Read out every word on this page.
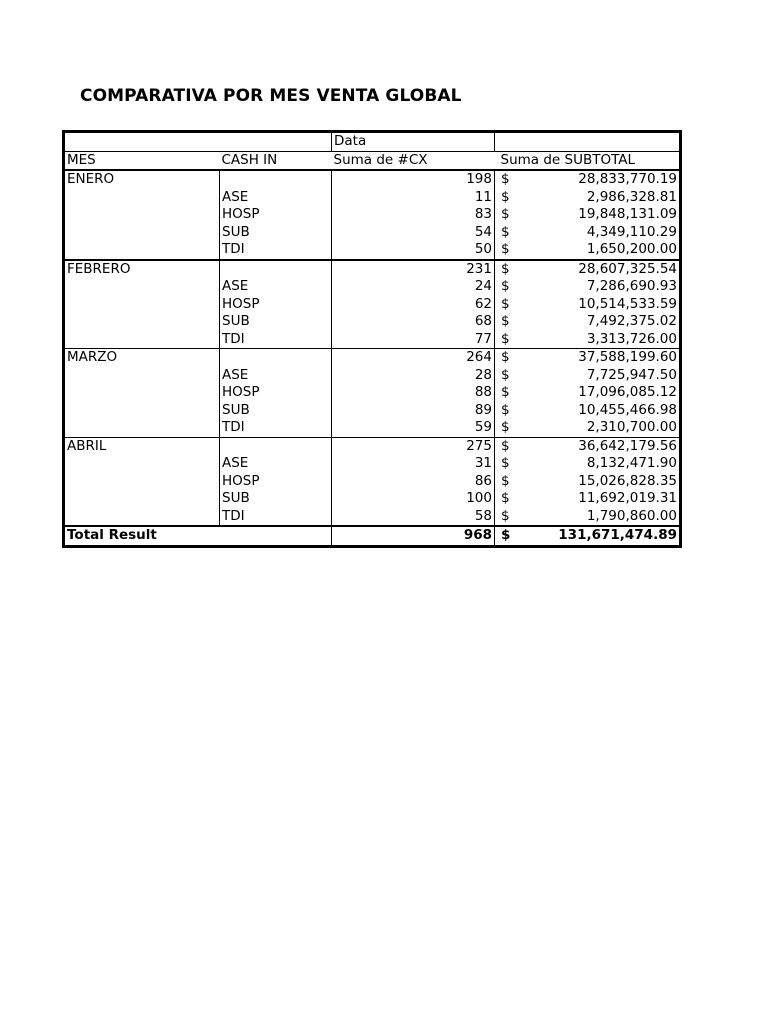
COMPARATIVA POR MES VENTA GLOBAL
		Data		
MES	CASH IN	Suma de #CX	Suma de SUBTOTAL	
ENERO		198	$	28,833,770.19
	ASE	11	$	2,986,328.81
	HOSP	83	$	19,848,131.09
	SUB	54	$	4,349,110.29
	TDI	50	$	1,650,200.00
FEBRERO		231	$	28,607,325.54
	ASE	24	$	7,286,690.93
	HOSP	62	$	10,514,533.59
	SUB	68	$	7,492,375.02
	TDI	77	$	3,313,726.00
MARZO		264	$	37,588,199.60
	ASE	28	$	7,725,947.50
	HOSP	88	$	17,096,085.12
	SUB	89	$	10,455,466.98
	TDI	59	$	2,310,700.00
ABRIL		275	$	36,642,179.56
	ASE	31	$	8,132,471.90
	HOSP	86	$	15,026,828.35
	SUB	100	$	11,692,019.31
	TDI	58	$	1,790,860.00
Total Result		968	$	131,671,474.89
